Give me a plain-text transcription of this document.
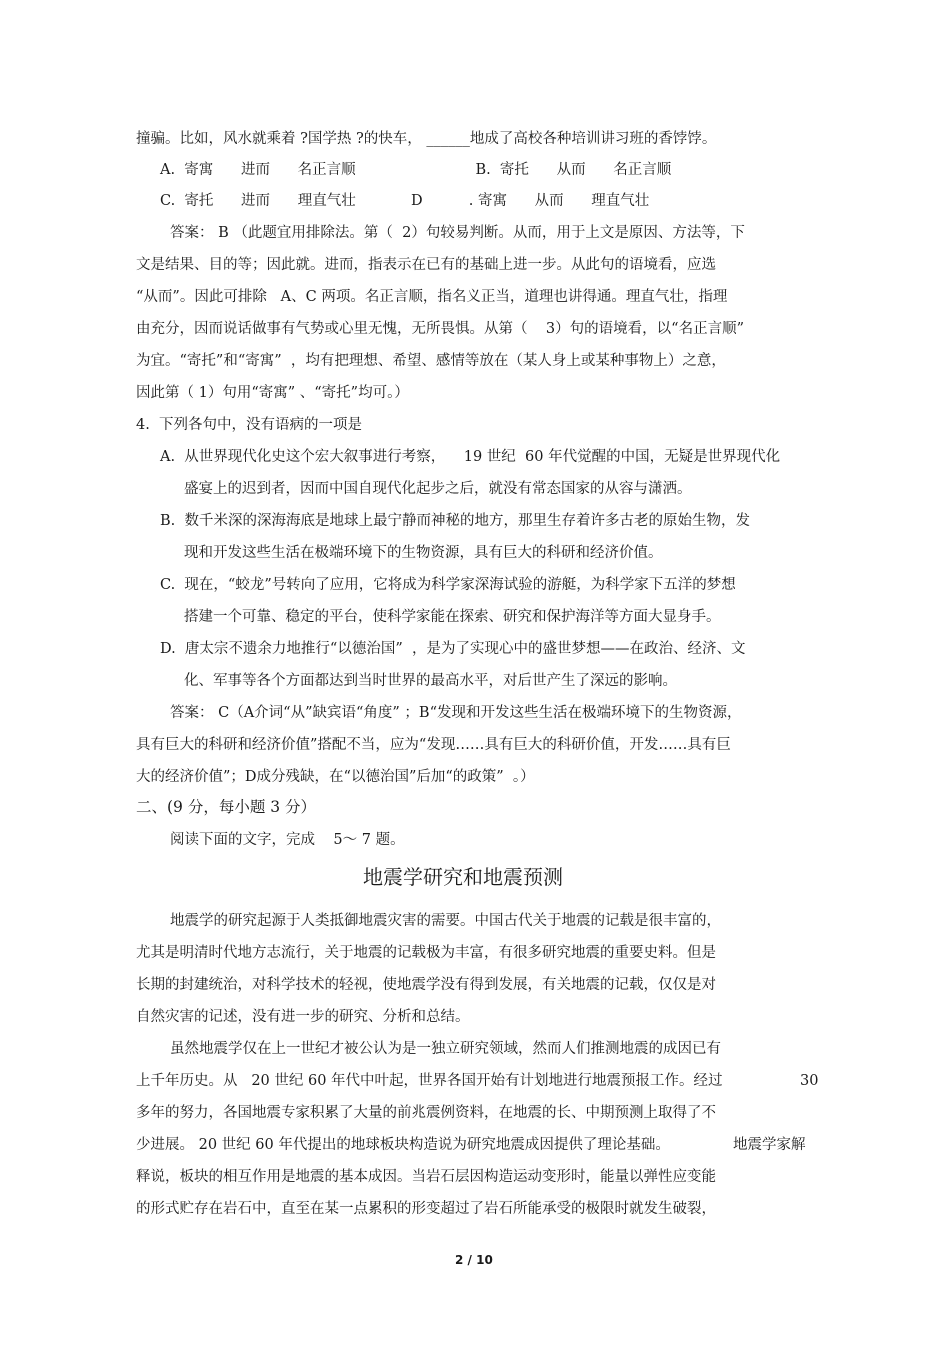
撞骗。比如，风水就乘着 ?国学热 ?的快车， ______地成了高校各种培训讲习班的香饽饽。
A.  寄寓      进而      名正言顺                          B.  寄托      从而      名正言顺
C.  寄托      进而      理直气壮            D          . 寄寓      从而      理直气壮
答案： B （此题宜用排除法。第（  2）句较易判断。从而，用于上文是原因、方法等，下
文是结果、目的等；因此就。进而，指表示在已有的基础上进一步。从此句的语境看，应选
“从而”。因此可排除   A、C 两项。名正言顺，指名义正当，道理也讲得通。理直气壮，指理
由充分，因而说话做事有气势或心里无愧，无所畏惧。从第（    3）句的语境看，以“名正言顺”
为宜。“寄托”和“寄寓”  ，均有把理想、希望、感情等放在（某人身上或某种事物上）之意，
因此第（ 1）句用“寄寓” 、“寄托”均可。）
4.  下列各句中，没有语病的一项是
A.  从世界现代化史这个宏大叙事进行考察，    19 世纪  60 年代觉醒的中国，无疑是世界现代化
盛宴上的迟到者，因而中国自现代化起步之后，就没有常态国家的从容与潇洒。
B.  数千米深的深海海底是地球上最宁静而神秘的地方，那里生存着许多古老的原始生物，发
现和开发这些生活在极端环境下的生物资源，具有巨大的科研和经济价值。
C.  现在，“蛟龙”号转向了应用，它将成为科学家深海试验的游艇，为科学家下五洋的梦想
搭建一个可靠、稳定的平台，使科学家能在探索、研究和保护海洋等方面大显身手。
D.  唐太宗不遗余力地推行“以德治国”  ，是为了实现心中的盛世梦想——在政治、经济、文
化、军事等各个方面都达到当时世界的最高水平，对后世产生了深远的影响。
答案： C（A介词“从”缺宾语“角度” ；B“发现和开发这些生活在极端环境下的生物资源，
具有巨大的科研和经济价值”搭配不当，应为“发现……具有巨大的科研价值，开发……具有巨
大的经济价值”；D成分残缺，在“以德治国”后加“的政策”  。）
二、(9 分，每小题 3 分）
阅读下面的文字，完成    5～ 7 题。
地震学研究和地震预测
地震学的研究起源于人类抵御地震灾害的需要。中国古代关于地震的记载是很丰富的，
尤其是明清时代地方志流行，关于地震的记载极为丰富，有很多研究地震的重要史料。但是
长期的封建统治，对科学技术的轻视，使地震学没有得到发展，有关地震的记载，仅仅是对
自然灾害的记述，没有进一步的研究、分析和总结。
虽然地震学仅在上一世纪才被公认为是一独立研究领域，然而人们推测地震的成因已有
上千年历史。从   20 世纪 60 年代中叶起，世界各国开始有计划地进行地震预报工作。经过	30
多年的努力，各国地震专家积累了大量的前兆震例资料，在地震的长、中期预测上取得了不
少进展。 20 世纪 60 年代提出的地球板块构造说为研究地震成因提供了理论基础。	地震学家解
释说，板块的相互作用是地震的基本成因。当岩石层因构造运动变形时，能量以弹性应变能
的形式贮存在岩石中，直至在某一点累积的形变超过了岩石所能承受的极限时就发生破裂，
2 / 10
